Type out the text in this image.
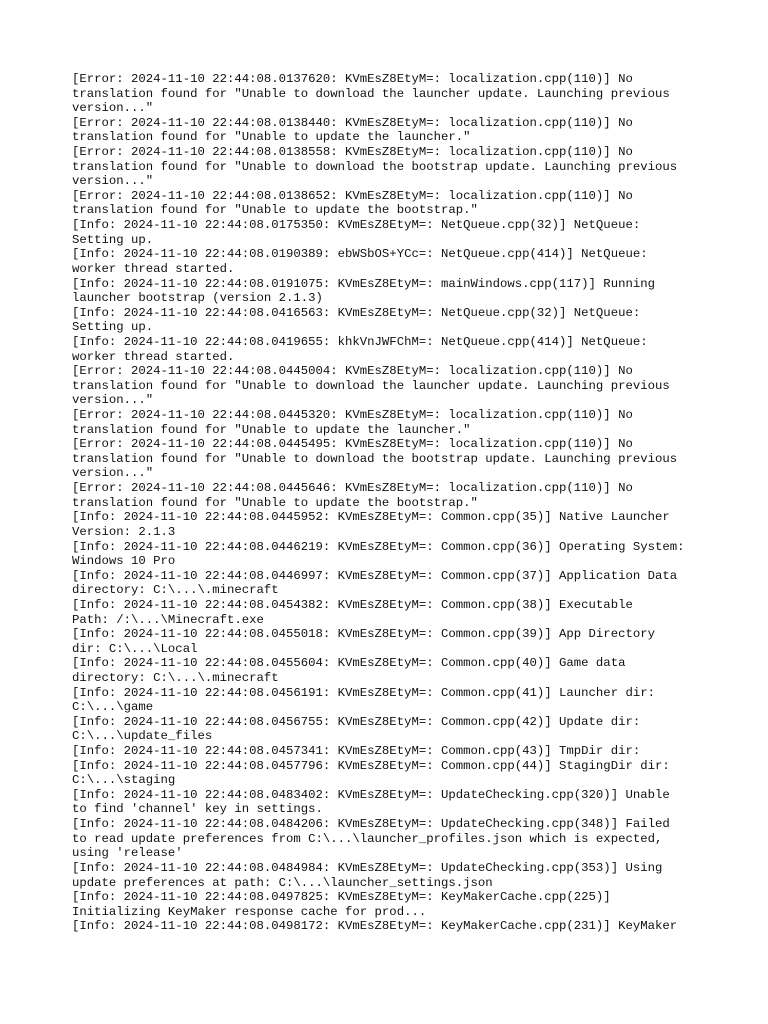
[Error: 2024-11-10 22:44:08.0137620: KVmEsZ8EtyM=: localization.cpp(110)] No
translation found for "Unable to download the launcher update. Launching previous
version..."
[Error: 2024-11-10 22:44:08.0138440: KVmEsZ8EtyM=: localization.cpp(110)] No
translation found for "Unable to update the launcher."
[Error: 2024-11-10 22:44:08.0138558: KVmEsZ8EtyM=: localization.cpp(110)] No
translation found for "Unable to download the bootstrap update. Launching previous
version..."
[Error: 2024-11-10 22:44:08.0138652: KVmEsZ8EtyM=: localization.cpp(110)] No
translation found for "Unable to update the bootstrap."
[Info: 2024-11-10 22:44:08.0175350: KVmEsZ8EtyM=: NetQueue.cpp(32)] NetQueue:
Setting up.
[Info: 2024-11-10 22:44:08.0190389: ebWSbOS+YCc=: NetQueue.cpp(414)] NetQueue:
worker thread started.
[Info: 2024-11-10 22:44:08.0191075: KVmEsZ8EtyM=: mainWindows.cpp(117)] Running
launcher bootstrap (version 2.1.3)
[Info: 2024-11-10 22:44:08.0416563: KVmEsZ8EtyM=: NetQueue.cpp(32)] NetQueue:
Setting up.
[Info: 2024-11-10 22:44:08.0419655: khkVnJWFChM=: NetQueue.cpp(414)] NetQueue:
worker thread started.
[Error: 2024-11-10 22:44:08.0445004: KVmEsZ8EtyM=: localization.cpp(110)] No
translation found for "Unable to download the launcher update. Launching previous
version..."
[Error: 2024-11-10 22:44:08.0445320: KVmEsZ8EtyM=: localization.cpp(110)] No
translation found for "Unable to update the launcher."
[Error: 2024-11-10 22:44:08.0445495: KVmEsZ8EtyM=: localization.cpp(110)] No
translation found for "Unable to download the bootstrap update. Launching previous
version..."
[Error: 2024-11-10 22:44:08.0445646: KVmEsZ8EtyM=: localization.cpp(110)] No
translation found for "Unable to update the bootstrap."
[Info: 2024-11-10 22:44:08.0445952: KVmEsZ8EtyM=: Common.cpp(35)] Native Launcher
Version: 2.1.3
[Info: 2024-11-10 22:44:08.0446219: KVmEsZ8EtyM=: Common.cpp(36)] Operating System:
Windows 10 Pro
[Info: 2024-11-10 22:44:08.0446997: KVmEsZ8EtyM=: Common.cpp(37)] Application Data
directory: C:\...\.minecraft
[Info: 2024-11-10 22:44:08.0454382: KVmEsZ8EtyM=: Common.cpp(38)] Executable
Path: /:\...\Minecraft.exe
[Info: 2024-11-10 22:44:08.0455018: KVmEsZ8EtyM=: Common.cpp(39)] App Directory
dir: C:\...\Local
[Info: 2024-11-10 22:44:08.0455604: KVmEsZ8EtyM=: Common.cpp(40)] Game data
directory: C:\...\.minecraft
[Info: 2024-11-10 22:44:08.0456191: KVmEsZ8EtyM=: Common.cpp(41)] Launcher dir:
C:\...\game
[Info: 2024-11-10 22:44:08.0456755: KVmEsZ8EtyM=: Common.cpp(42)] Update dir:
C:\...\update_files
[Info: 2024-11-10 22:44:08.0457341: KVmEsZ8EtyM=: Common.cpp(43)] TmpDir dir:
[Info: 2024-11-10 22:44:08.0457796: KVmEsZ8EtyM=: Common.cpp(44)] StagingDir dir:
C:\...\staging
[Info: 2024-11-10 22:44:08.0483402: KVmEsZ8EtyM=: UpdateChecking.cpp(320)] Unable
to find 'channel' key in settings.
[Info: 2024-11-10 22:44:08.0484206: KVmEsZ8EtyM=: UpdateChecking.cpp(348)] Failed
to read update preferences from C:\...\launcher_profiles.json which is expected,
using 'release'
[Info: 2024-11-10 22:44:08.0484984: KVmEsZ8EtyM=: UpdateChecking.cpp(353)] Using
update preferences at path: C:\...\launcher_settings.json
[Info: 2024-11-10 22:44:08.0497825: KVmEsZ8EtyM=: KeyMakerCache.cpp(225)]
Initializing KeyMaker response cache for prod...
[Info: 2024-11-10 22:44:08.0498172: KVmEsZ8EtyM=: KeyMakerCache.cpp(231)] KeyMaker
